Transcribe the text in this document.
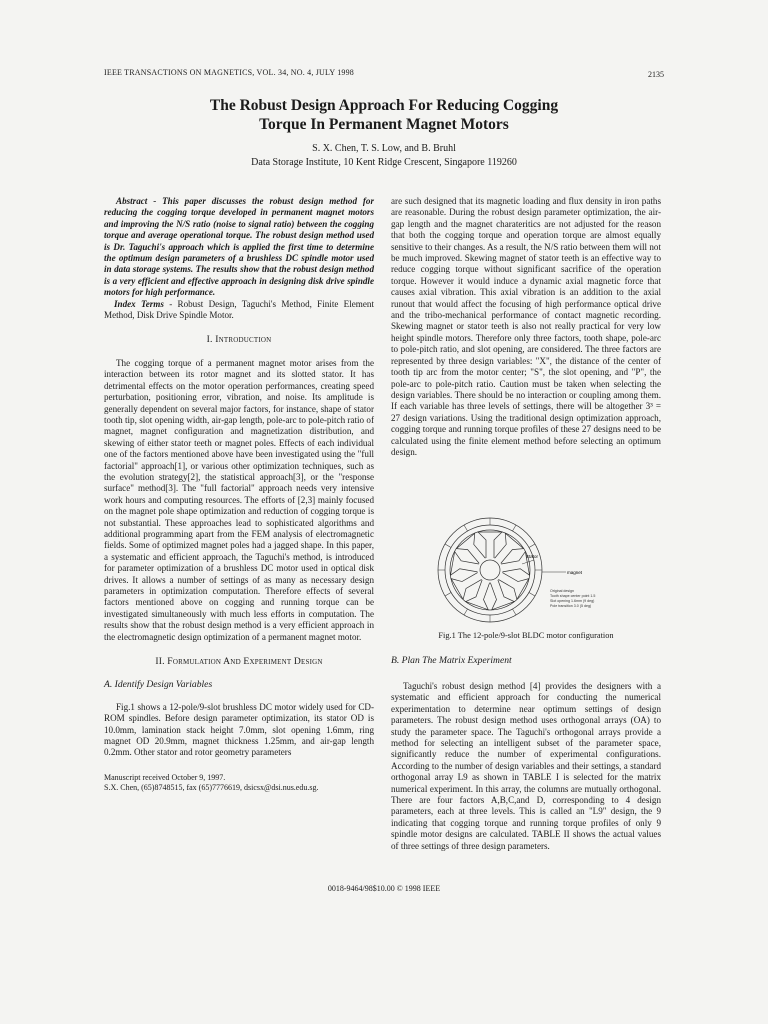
IEEE TRANSACTIONS ON MAGNETICS, VOL. 34, NO. 4, JULY 1998	2135
The Robust Design Approach For Reducing Cogging
Torque In Permanent Magnet Motors
S. X. Chen, T. S. Low, and B. Bruhl
Data Storage Institute, 10 Kent Ridge Crescent, Singapore 119260

Abstract - This paper discusses the robust design method for reducing the cogging torque developed in permanent magnet motors and improving the N/S ratio (noise to signal ratio) between the cogging torque and average operational torque. The robust design method used is Dr. Taguchi's approach which is applied the first time to determine the optimum design parameters of a brushless DC spindle motor used in data storage systems. The results show that the robust design method is a very efficient and effective approach in designing disk drive spindle motors for high performance.

Index Terms - Robust Design, Taguchi's Method, Finite Element Method, Disk Drive Spindle Motor.

I. Introduction

The cogging torque of a permanent magnet motor arises from the interaction between its rotor magnet and its slotted stator. It has detrimental effects on the motor operation performances, creating speed perturbation, positioning error, vibration, and noise. Its amplitude is generally dependent on several major factors, for instance, shape of stator tooth tip, slot opening width, air-gap length, pole-arc to pole-pitch ratio of magnet, magnet configuration and magnetization distribution, and skewing of either stator teeth or magnet poles. Effects of each individual one of the factors mentioned above have been investigated using the "full factorial" approach[1], or various other optimization techniques, such as the evolution strategy[2], the statistical approach[3], or the "response surface" method[3]. The "full factorial" approach needs very intensive work hours and computing resources. The efforts of [2,3] mainly focused on the magnet pole shape optimization and reduction of cogging torque is not substantial. These approaches lead to sophisticated algorithms and additional programming apart from the FEM analysis of electromagnetic fields. Some of optimized magnet poles had a jagged shape. In this paper, a systematic and efficient approach, the Taguchi's method, is introduced for parameter optimization of a brushless DC motor used in optical disk drives. It allows a number of settings of as many as necessary design parameters in optimization computation. Therefore effects of several factors mentioned above on cogging and running torque can be investigated simultaneously with much less efforts in computation. The results show that the robust design method is a very efficient approach in the electromagnetic design optimization of a permanent magnet motor.

II. Formulation And Experiment Design
A. Identify Design Variables

Fig.1 shows a 12-pole/9-slot brushless DC motor widely used for CD-ROM spindles. Before design parameter optimization, its stator OD is 10.0mm, lamination stack height 7.0mm, slot opening 1.6mm, ring magnet OD 20.9mm, magnet thickness 1.25mm, and air-gap length 0.2mm. Other stator and rotor geometry parameters

Manuscript received October 9, 1997.
S.X. Chen, (65)8748515, fax (65)7776619, dsicsx@dsi.nus.edu.sg.

are such designed that its magnetic loading and flux density in iron paths are reasonable. During the robust design parameter optimization, the air-gap length and the magnet charateritics are not adjusted for the reason that both the cogging torque and operation torque are almost equally sensitive to their changes. As a result, the N/S ratio between them will not be much improved. Skewing magnet of stator teeth is an effective way to reduce cogging torque without significant sacrifice of the operation torque. However it would induce a dynamic axial magnetic force that causes axial vibration. This axial vibration is an addition to the axial runout that would affect the focusing of high performance optical drive and the tribo-mechanical performance of contact magnetic recording. Skewing magnet or stator teeth is also not really practical for very low height spindle motors. Therefore only three factors, tooth shape, pole-arc to pole-pitch ratio, and slot opening, are considered. The three factors are represented by three design variables: "X", the distance of the center of tooth tip arc from the motor center; "S", the slot opening, and "P", the pole-arc to pole-pitch ratio. Caution must be taken when selecting the design variables. There should be no interaction or coupling among them. If each variable has three levels of settings, there will be altogether 3³ = 27 design variations. Using the traditional design optimization approach, cogging torque and running torque profiles of these 27 designs need to be calculated using the finite element method before selecting an optimum design.

Stator
magnet
Original design
Tooth shape center point 1.5
Slot opening 1.6mm (9 deg)
Pole transition 3.0 (5 deg)
Fig.1 The 12-pole/9-slot BLDC motor configuration
B. Plan The Matrix Experiment

Taguchi's robust design method [4] provides the designers with a systematic and efficient approach for conducting the numerical experimentation to determine near optimum settings of design parameters. The robust design method uses orthogonal arrays (OA) to study the parameter space. The Taguchi's orthogonal arrays provide a method for selecting an intelligent subset of the parameter space, significantly reduce the number of experimental configurations. According to the number of design variables and their settings, a standard orthogonal array L9 as shown in TABLE I is selected for the matrix numerical experiment. In this array, the columns are mutually orthogonal. There are four factors A,B,C,and D, corresponding to 4 design parameters, each at three levels. This is called an "L9" design, the 9 indicating that cogging torque and running torque profiles of only 9 spindle motor designs are calculated. TABLE II shows the actual values of three settings of three design parameters.

0018-9464/98$10.00 © 1998 IEEE
